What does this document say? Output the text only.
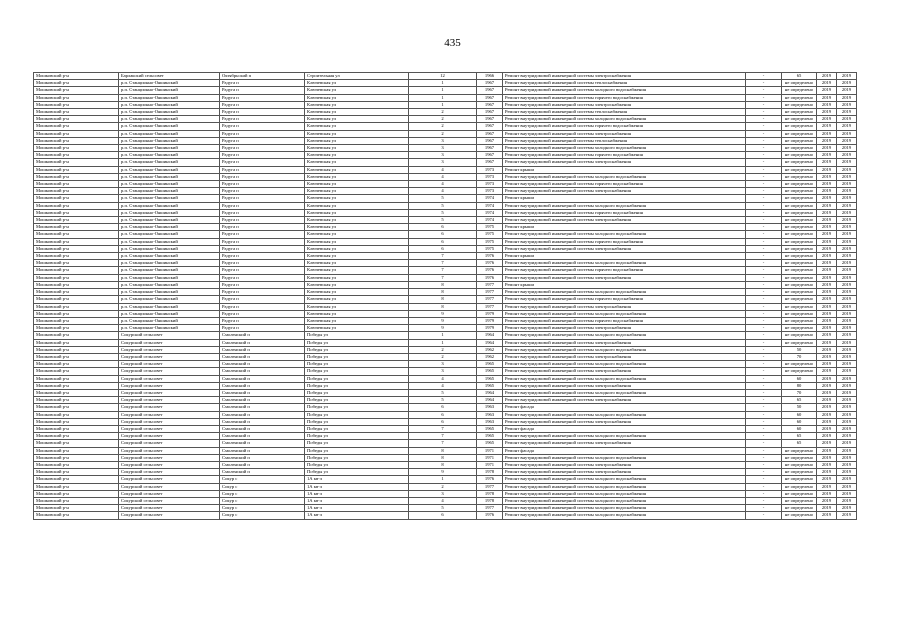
435
Мошковский р-н	Барлакский сельсовет	Октябрьский п	Строительная ул	12	1966	Ремонт внутридомовой инженерной системы электроснабжения	-	65	2019	2019
Мошковский р-н	р.п. Станционно-Ояшинский	Радуга п	Ключевская ул	1	1967	Ремонт внутридомовой инженерной системы теплоснабжения	-	не определено	2019	2019
Мошковский р-н	р.п. Станционно-Ояшинский	Радуга п	Ключевская ул	1	1967	Ремонт внутридомовой инженерной системы холодного водоснабжения	-	не определено	2019	2019
Мошковский р-н	р.п. Станционно-Ояшинский	Радуга п	Ключевская ул	1	1967	Ремонт внутридомовой инженерной системы горячего водоснабжения	-	не определено	2019	2019
Мошковский р-н	р.п. Станционно-Ояшинский	Радуга п	Ключевская ул	1	1967	Ремонт внутридомовой инженерной системы электроснабжения	-	не определено	2019	2019
Мошковский р-н	р.п. Станционно-Ояшинский	Радуга п	Ключевская ул	2	1967	Ремонт внутридомовой инженерной системы теплоснабжения	-	не определено	2019	2019
Мошковский р-н	р.п. Станционно-Ояшинский	Радуга п	Ключевская ул	2	1967	Ремонт внутридомовой инженерной системы холодного водоснабжения	-	не определено	2019	2019
Мошковский р-н	р.п. Станционно-Ояшинский	Радуга п	Ключевская ул	2	1967	Ремонт внутридомовой инженерной системы горячего водоснабжения	-	не определено	2019	2019
Мошковский р-н	р.п. Станционно-Ояшинский	Радуга п	Ключевская ул	2	1967	Ремонт внутридомовой инженерной системы электроснабжения	-	не определено	2019	2019
Мошковский р-н	р.п. Станционно-Ояшинский	Радуга п	Ключевская ул	3	1967	Ремонт внутридомовой инженерной системы теплоснабжения	-	не определено	2019	2019
Мошковский р-н	р.п. Станционно-Ояшинский	Радуга п	Ключевская ул	3	1967	Ремонт внутридомовой инженерной системы холодного водоснабжения	-	не определено	2019	2019
Мошковский р-н	р.п. Станционно-Ояшинский	Радуга п	Ключевская ул	3	1967	Ремонт внутридомовой инженерной системы горячего водоснабжения	-	не определено	2019	2019
Мошковский р-н	р.п. Станционно-Ояшинский	Радуга п	Ключевская ул	3	1967	Ремонт внутридомовой инженерной системы электроснабжения	-	не определено	2019	2019
Мошковский р-н	р.п. Станционно-Ояшинский	Радуга п	Ключевская ул	4	1973	Ремонт крыши	-	не определено	2019	2019
Мошковский р-н	р.п. Станционно-Ояшинский	Радуга п	Ключевская ул	4	1973	Ремонт внутридомовой инженерной системы холодного водоснабжения	-	не определено	2019	2019
Мошковский р-н	р.п. Станционно-Ояшинский	Радуга п	Ключевская ул	4	1973	Ремонт внутридомовой инженерной системы горячего водоснабжения	-	не определено	2019	2019
Мошковский р-н	р.п. Станционно-Ояшинский	Радуга п	Ключевская ул	4	1973	Ремонт внутридомовой инженерной системы электроснабжения	-	не определено	2019	2019
Мошковский р-н	р.п. Станционно-Ояшинский	Радуга п	Ключевская ул	5	1974	Ремонт крыши	-	не определено	2019	2019
Мошковский р-н	р.п. Станционно-Ояшинский	Радуга п	Ключевская ул	5	1974	Ремонт внутридомовой инженерной системы холодного водоснабжения	-	не определено	2019	2019
Мошковский р-н	р.п. Станционно-Ояшинский	Радуга п	Ключевская ул	5	1974	Ремонт внутридомовой инженерной системы горячего водоснабжения	-	не определено	2019	2019
Мошковский р-н	р.п. Станционно-Ояшинский	Радуга п	Ключевская ул	5	1974	Ремонт внутридомовой инженерной системы электроснабжения	-	не определено	2019	2019
Мошковский р-н	р.п. Станционно-Ояшинский	Радуга п	Ключевская ул	6	1975	Ремонт крыши	-	не определено	2019	2019
Мошковский р-н	р.п. Станционно-Ояшинский	Радуга п	Ключевская ул	6	1975	Ремонт внутридомовой инженерной системы холодного водоснабжения	-	не определено	2019	2019
Мошковский р-н	р.п. Станционно-Ояшинский	Радуга п	Ключевская ул	6	1975	Ремонт внутридомовой инженерной системы горячего водоснабжения	-	не определено	2019	2019
Мошковский р-н	р.п. Станционно-Ояшинский	Радуга п	Ключевская ул	6	1975	Ремонт внутридомовой инженерной системы электроснабжения	-	не определено	2019	2019
Мошковский р-н	р.п. Станционно-Ояшинский	Радуга п	Ключевская ул	7	1976	Ремонт крыши	-	не определено	2019	2019
Мошковский р-н	р.п. Станционно-Ояшинский	Радуга п	Ключевская ул	7	1976	Ремонт внутридомовой инженерной системы холодного водоснабжения	-	не определено	2019	2019
Мошковский р-н	р.п. Станционно-Ояшинский	Радуга п	Ключевская ул	7	1976	Ремонт внутридомовой инженерной системы горячего водоснабжения	-	не определено	2019	2019
Мошковский р-н	р.п. Станционно-Ояшинский	Радуга п	Ключевская ул	7	1976	Ремонт внутридомовой инженерной системы электроснабжения	-	не определено	2019	2019
Мошковский р-н	р.п. Станционно-Ояшинский	Радуга п	Ключевская ул	8	1977	Ремонт крыши	-	не определено	2019	2019
Мошковский р-н	р.п. Станционно-Ояшинский	Радуга п	Ключевская ул	8	1977	Ремонт внутридомовой инженерной системы холодного водоснабжения	-	не определено	2019	2019
Мошковский р-н	р.п. Станционно-Ояшинский	Радуга п	Ключевская ул	8	1977	Ремонт внутридомовой инженерной системы горячего водоснабжения	-	не определено	2019	2019
Мошковский р-н	р.п. Станционно-Ояшинский	Радуга п	Ключевская ул	8	1977	Ремонт внутридомовой инженерной системы электроснабжения	-	не определено	2019	2019
Мошковский р-н	р.п. Станционно-Ояшинский	Радуга п	Ключевская ул	9	1979	Ремонт внутридомовой инженерной системы холодного водоснабжения	-	не определено	2019	2019
Мошковский р-н	р.п. Станционно-Ояшинский	Радуга п	Ключевская ул	9	1979	Ремонт внутридомовой инженерной системы горячего водоснабжения	-	не определено	2019	2019
Мошковский р-н	р.п. Станционно-Ояшинский	Радуга п	Ключевская ул	9	1979	Ремонт внутридомовой инженерной системы электроснабжения	-	не определено	2019	2019
Мошковский р-н	Сокурский сельсовет	Смоленский п	Победы ул	1	1964	Ремонт внутридомовой инженерной системы холодного водоснабжения	-	не определено	2019	2019
Мошковский р-н	Сокурский сельсовет	Смоленский п	Победы ул	1	1964	Ремонт внутридомовой инженерной системы электроснабжения	-	не определено	2019	2019
Мошковский р-н	Сокурский сельсовет	Смоленский п	Победы ул	2	1962	Ремонт внутридомовой инженерной системы холодного водоснабжения	-	50	2019	2019
Мошковский р-н	Сокурский сельсовет	Смоленский п	Победы ул	2	1962	Ремонт внутридомовой инженерной системы электроснабжения	-	70	2019	2019
Мошковский р-н	Сокурский сельсовет	Смоленский п	Победы ул	3	1965	Ремонт внутридомовой инженерной системы холодного водоснабжения	-	не определено	2019	2019
Мошковский р-н	Сокурский сельсовет	Смоленский п	Победы ул	3	1965	Ремонт внутридомовой инженерной системы электроснабжения	-	не определено	2019	2019
Мошковский р-н	Сокурский сельсовет	Смоленский п	Победы ул	4	1965	Ремонт внутридомовой инженерной системы холодного водоснабжения	-	60	2019	2019
Мошковский р-н	Сокурский сельсовет	Смоленский п	Победы ул	4	1965	Ремонт внутридомовой инженерной системы электроснабжения	-	80	2019	2019
Мошковский р-н	Сокурский сельсовет	Смоленский п	Победы ул	5	1964	Ремонт внутридомовой инженерной системы холодного водоснабжения	-	70	2019	2019
Мошковский р-н	Сокурский сельсовет	Смоленский п	Победы ул	5	1964	Ремонт внутридомовой инженерной системы электроснабжения	-	65	2019	2019
Мошковский р-н	Сокурский сельсовет	Смоленский п	Победы ул	6	1963	Ремонт фасада	-	50	2019	2019
Мошковский р-н	Сокурский сельсовет	Смоленский п	Победы ул	6	1963	Ремонт внутридомовой инженерной системы холодного водоснабжения	-	60	2019	2019
Мошковский р-н	Сокурский сельсовет	Смоленский п	Победы ул	6	1963	Ремонт внутридомовой инженерной системы электроснабжения	-	60	2019	2019
Мошковский р-н	Сокурский сельсовет	Смоленский п	Победы ул	7	1965	Ремонт фасада	-	60	2019	2019
Мошковский р-н	Сокурский сельсовет	Смоленский п	Победы ул	7	1965	Ремонт внутридомовой инженерной системы холодного водоснабжения	-	65	2019	2019
Мошковский р-н	Сокурский сельсовет	Смоленский п	Победы ул	7	1965	Ремонт внутридомовой инженерной системы электроснабжения	-	65	2019	2019
Мошковский р-н	Сокурский сельсовет	Смоленский п	Победы ул	8	1971	Ремонт фасада	-	не определено	2019	2019
Мошковский р-н	Сокурский сельсовет	Смоленский п	Победы ул	8	1971	Ремонт внутридомовой инженерной системы холодного водоснабжения	-	не определено	2019	2019
Мошковский р-н	Сокурский сельсовет	Смоленский п	Победы ул	8	1971	Ремонт внутридомовой инженерной системы электроснабжения	-	не определено	2019	2019
Мошковский р-н	Сокурский сельсовет	Смоленский п	Победы ул	9	1978	Ремонт внутридомовой инженерной системы электроснабжения	-	не определено	2019	2019
Мошковский р-н	Сокурский сельсовет	Сокур с	1А кв-л	1	1976	Ремонт внутридомовой инженерной системы холодного водоснабжения	-	не определено	2019	2019
Мошковский р-н	Сокурский сельсовет	Сокур с	1А кв-л	2	1977	Ремонт внутридомовой инженерной системы холодного водоснабжения	-	не определено	2019	2019
Мошковский р-н	Сокурский сельсовет	Сокур с	1А кв-л	3	1978	Ремонт внутридомовой инженерной системы холодного водоснабжения	-	не определено	2019	2019
Мошковский р-н	Сокурский сельсовет	Сокур с	1А кв-л	4	1978	Ремонт внутридомовой инженерной системы холодного водоснабжения	-	не определено	2019	2019
Мошковский р-н	Сокурский сельсовет	Сокур с	1А кв-л	5	1977	Ремонт внутридомовой инженерной системы холодного водоснабжения	-	не определено	2019	2019
Мошковский р-н	Сокурский сельсовет	Сокур с	1А кв-л	6	1976	Ремонт внутридомовой инженерной системы холодного водоснабжения	-	не определено	2019	2019
